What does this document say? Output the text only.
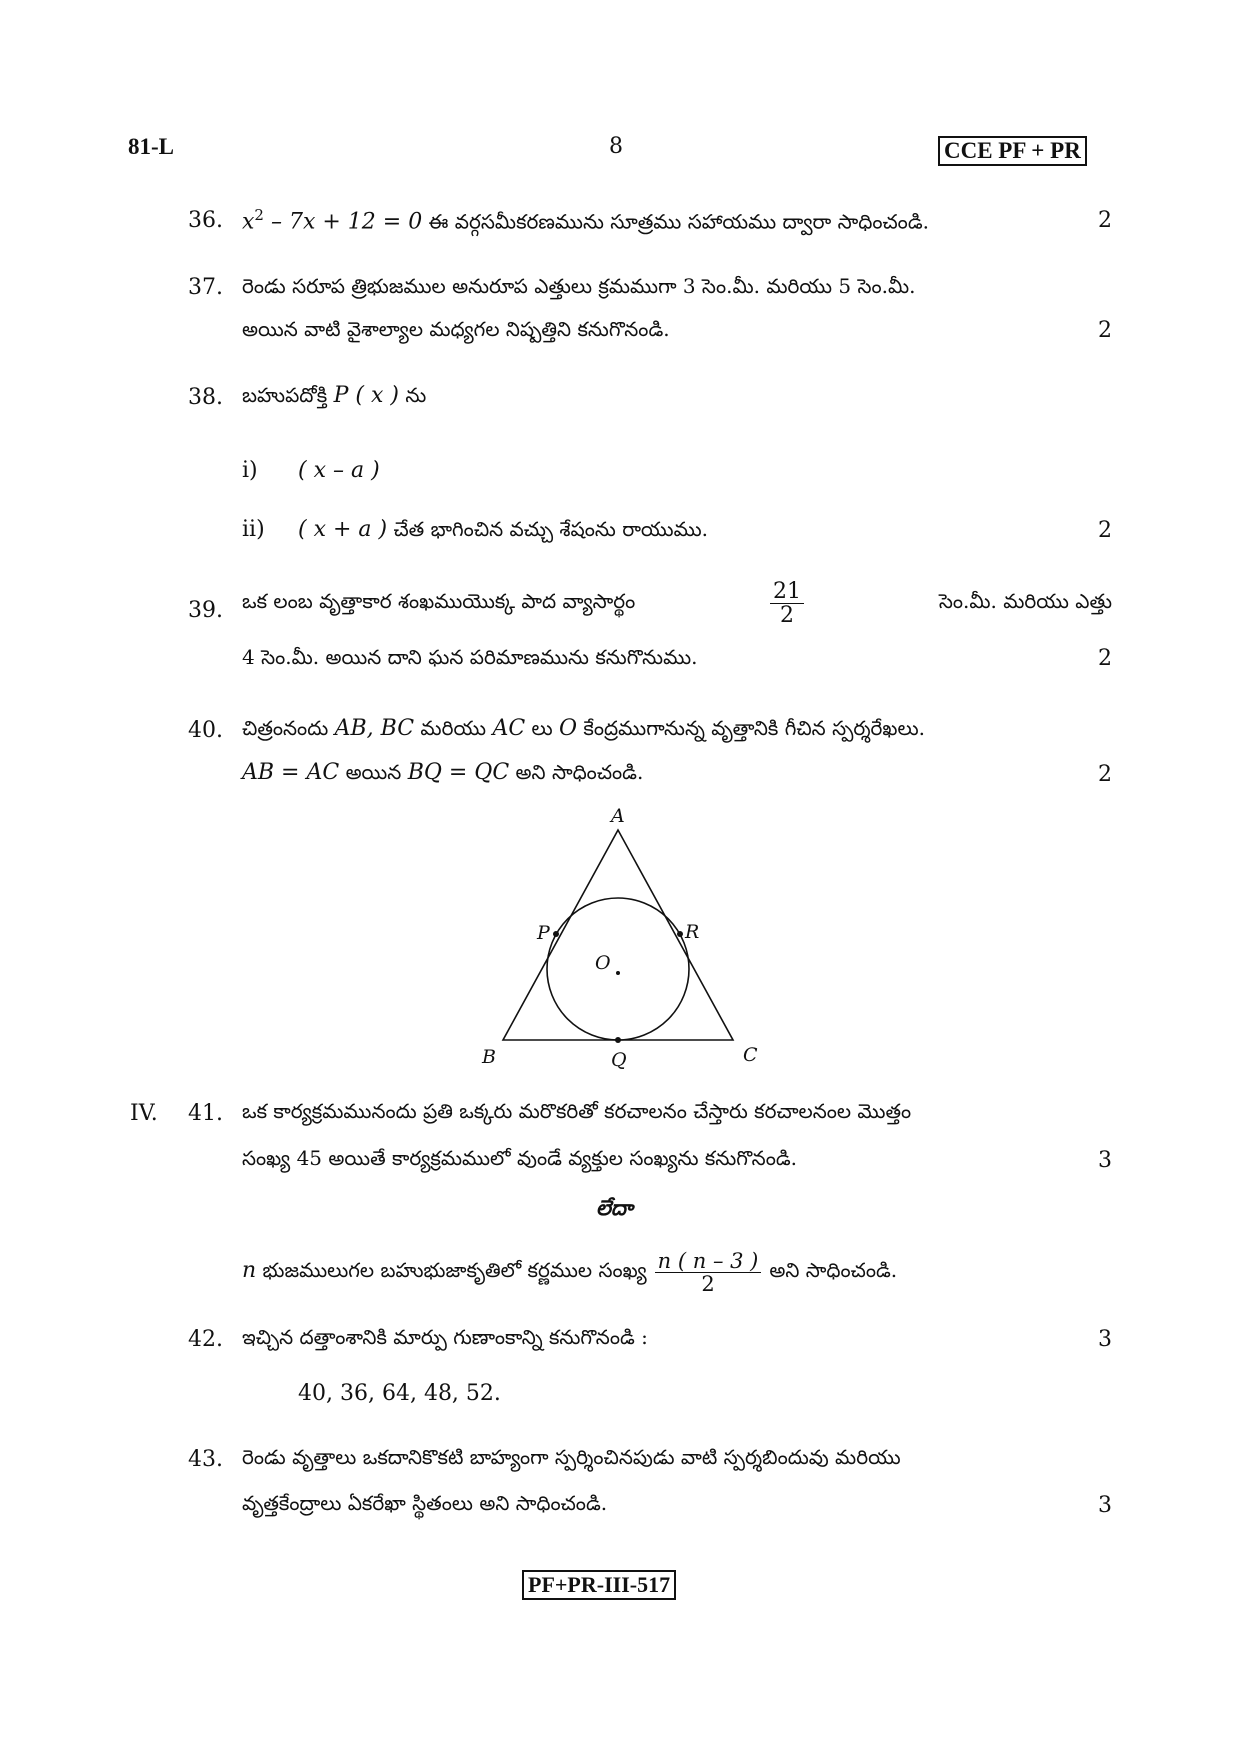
81-L	8	CCE PF + PR
36. $x^2 - 7x + 12 = 0$ ఈ వర్గసమీకరణమును సూత్రము సహాయము ద్వారా సాధించండి.	2
37. రెండు సరూప త్రిభుజముల అనురూప ఎత్తులు క్రమముగా 3 సెం.మీ. మరియు 5 సెం.మీ.
అయిన వాటి వైశాల్యాల మధ్యగల నిష్పత్తిని కనుగొనండి.	2
38. బహుపదోక్తి P ( x ) ను
i) ( x – a )
ii) ( x + a ) చేత భాగించిన వచ్చు శేషంను రాయుము.	2
39. ఒక లంబ వృత్తాకార శంఖముయొక్క పాద వ్యాసార్థం	$\frac{21}{2}$	సెం.మీ. మరియు ఎత్తు
4 సెం.మీ. అయిన దాని ఘన పరిమాణమును కనుగొనుము.	2
40. చిత్రంనందు AB, BC మరియు AC లు O కేంద్రముగానున్న వృత్తానికి గీచిన స్పర్శరేఖలు.
AB = AC అయిన BQ = QC అని సాధించండి.	2
A
P	R
O
B	Q	C
IV. 41. ఒక కార్యక్రమమునందు ప్రతి ఒక్కరు మరొకరితో కరచాలనం చేస్తారు కరచాలనంల మొత్తం
సంఖ్య 45 అయితే కార్యక్రమములో వుండే వ్యక్తుల సంఖ్యను కనుగొనండి.	3
లేదా
n భుజములుగల బహుభుజాకృతిలో కర్ణముల సంఖ్య $\frac{n ( n - 3 )}{2}$ అని సాధించండి.
42. ఇచ్చిన దత్తాంశానికి మార్పు గుణాంకాన్ని కనుగొనండి :	3
40, 36, 64, 48, 52.
43. రెండు వృత్తాలు ఒకదానికొకటి బాహ్యంగా స్పర్శించినపుడు వాటి స్పర్శబిందువు మరియు
వృత్తకేంద్రాలు ఏకరేఖా స్థితంలు అని సాధించండి.	3
PF+PR-III-517
